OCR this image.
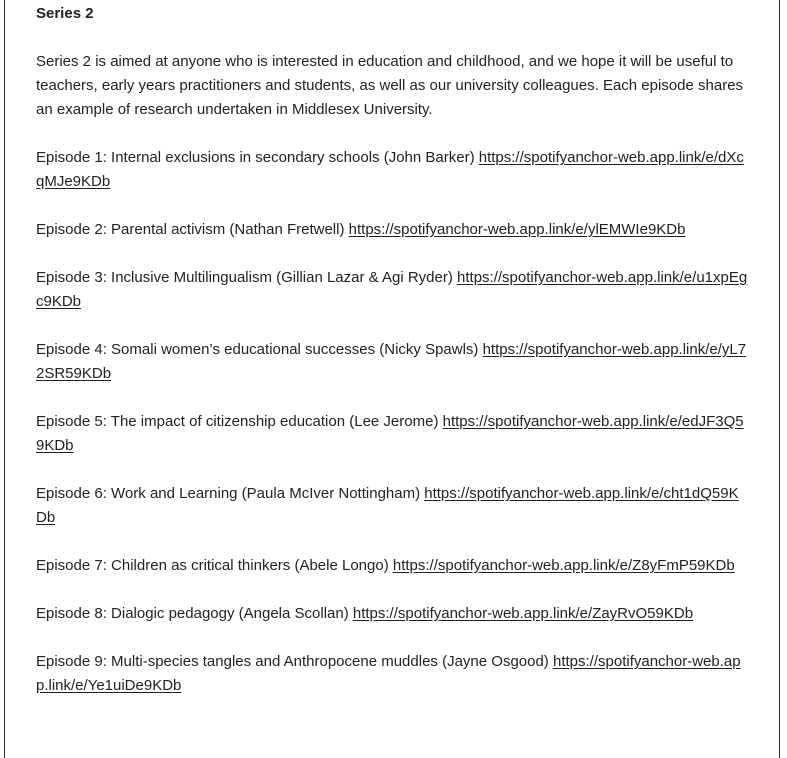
Series 2

Series 2 is aimed at anyone who is interested in education and childhood, and we hope it will be useful to teachers, early years practitioners and students, as well as our university colleagues. Each episode shares an example of research undertaken in Middlesex University.

Episode 1: Internal exclusions in secondary schools (John Barker) https://spotifyanchor-web.app.link/e/dXcqMJe9KDb

Episode 2: Parental activism (Nathan Fretwell) https://spotifyanchor-web.app.link/e/ylEMWIe9KDb

Episode 3: Inclusive Multilingualism (Gillian Lazar & Agi Ryder) https://spotifyanchor-web.app.link/e/u1xpEgc9KDb

Episode 4: Somali women’s educational successes (Nicky Spawls) https://spotifyanchor-web.app.link/e/yL72SR59KDb

Episode 5: The impact of citizenship education (Lee Jerome) https://spotifyanchor-web.app.link/e/edJF3Q59KDb

Episode 6: Work and Learning (Paula McIver Nottingham) https://spotifyanchor-web.app.link/e/cht1dQ59KDb

Episode 7: Children as critical thinkers (Abele Longo) https://spotifyanchor-web.app.link/e/Z8yFmP59KDb

Episode 8: Dialogic pedagogy (Angela Scollan) https://spotifyanchor-web.app.link/e/ZayRvO59KDb

Episode 9: Multi-species tangles and Anthropocene muddles (Jayne Osgood) https://spotifyanchor-web.app.link/e/Ye1uiDe9KDb
